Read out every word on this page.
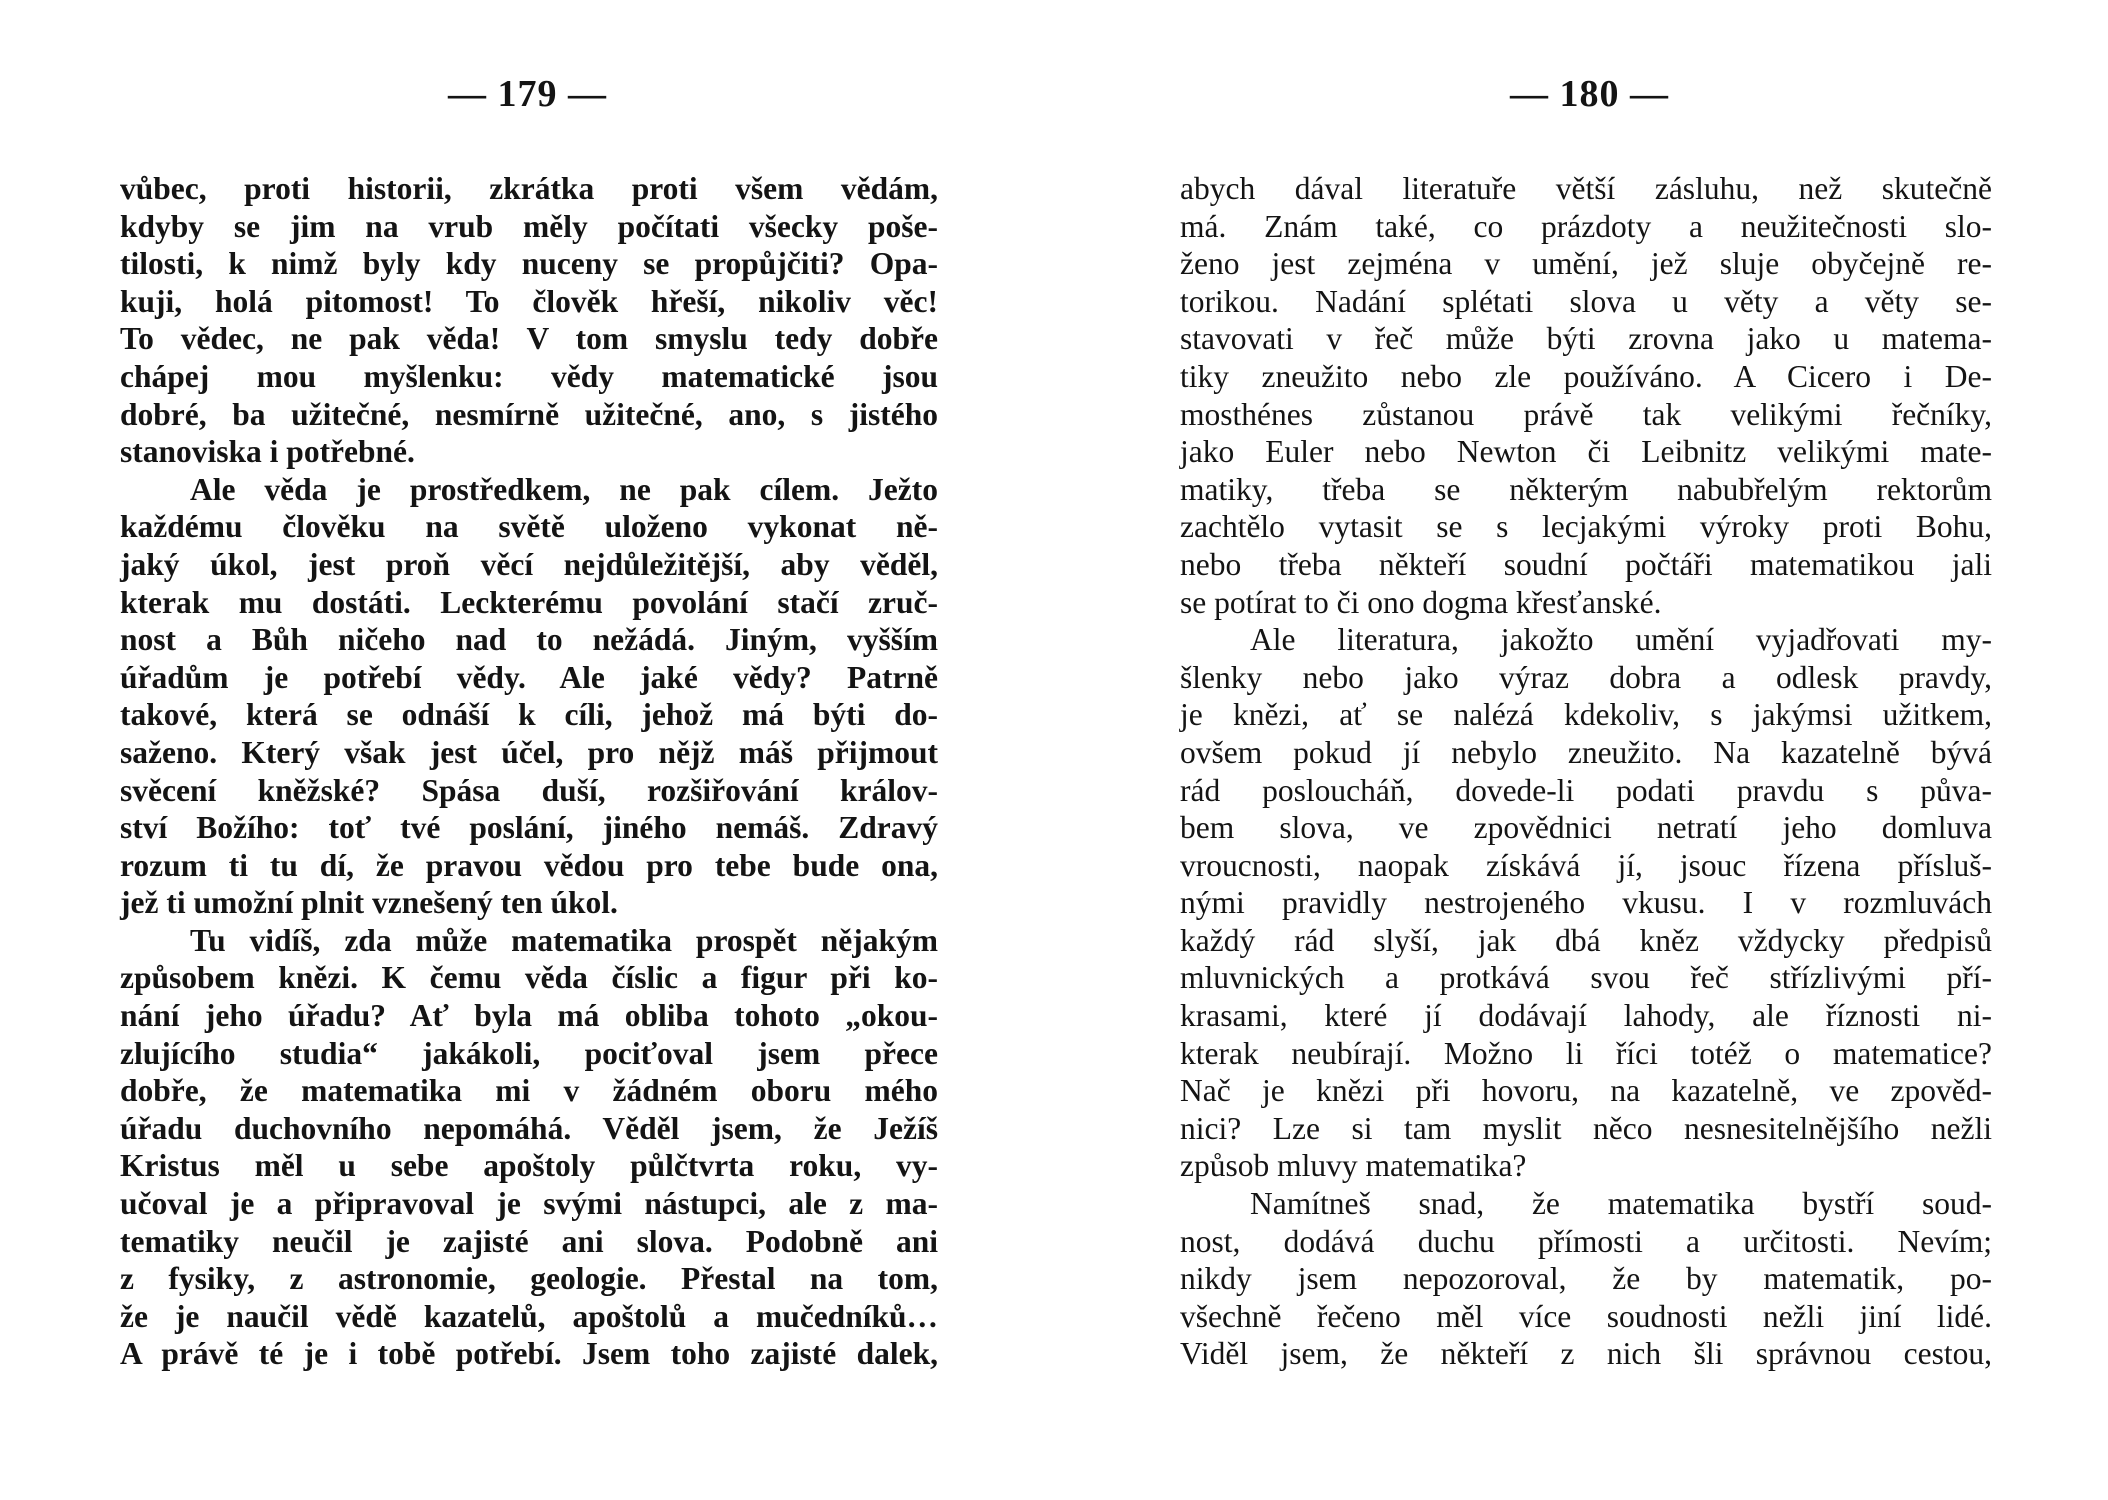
— 179 —
vůbec, proti historii, zkrátka proti všem vědám,
kdyby se jim na vrub měly počítati všecky poše-
tilosti, k nimž byly kdy nuceny se propůjčiti? Opa-
kuji, holá pitomost! To člověk hřeší, nikoliv věc!
To vědec, ne pak věda! V tom smyslu tedy dobře
chápej mou myšlenku: vědy matematické jsou
dobré, ba užitečné, nesmírně užitečné, ano, s jistého
stanoviska i potřebné.
Ale věda je prostředkem, ne pak cílem. Ježto
každému člověku na světě uloženo vykonat ně-
jaký úkol, jest proň věcí nejdůležitější, aby věděl,
kterak mu dostáti. Leckterému povolání stačí zruč-
nost a Bůh ničeho nad to nežádá. Jiným, vyšším
úřadům je potřebí vědy. Ale jaké vědy? Patrně
takové, která se odnáší k cíli, jehož má býti do-
saženo. Který však jest účel, pro nějž máš přijmout
svěcení kněžské? Spása duší, rozšiřování králov-
ství Božího: toť tvé poslání, jiného nemáš. Zdravý
rozum ti tu dí, že pravou vědou pro tebe bude ona,
jež ti umožní plnit vznešený ten úkol.
Tu vidíš, zda může matematika prospět nějakým
způsobem knězi. K čemu věda číslic a figur při ko-
nání jeho úřadu? Ať byla má obliba tohoto „okou-
zlujícího studia“ jakákoli, pociťoval jsem přece
dobře, že matematika mi v žádném oboru mého
úřadu duchovního nepomáhá. Věděl jsem, že Ježíš
Kristus měl u sebe apoštoly půlčtvrta roku, vy-
učoval je a připravoval je svými nástupci, ale z ma-
tematiky neučil je zajisté ani slova. Podobně ani
z fysiky, z astronomie, geologie. Přestal na tom,
že je naučil vědě kazatelů, apoštolů a mučedníků…
A právě té je i tobě potřebí. Jsem toho zajisté dalek,
— 180 —
abych dával literatuře větší zásluhu, než skutečně
má. Znám také, co prázdoty a neužitečnosti slo-
ženo jest zejména v umění, jež sluje obyčejně re-
torikou. Nadání splétati slova u věty a věty se-
stavovati v řeč může býti zrovna jako u matema-
tiky zneužito nebo zle používáno. A Cicero i De-
mosthénes zůstanou právě tak velikými řečníky,
jako Euler nebo Newton či Leibnitz velikými mate-
matiky, třeba se některým nabubřelým rektorům
zachtělo vytasit se s lecjakými výroky proti Bohu,
nebo třeba někteří soudní počtáři matematikou jali
se potírat to či ono dogma křesťanské.
Ale literatura, jakožto umění vyjadřovati my-
šlenky nebo jako výraz dobra a odlesk pravdy,
je knězi, ať se nalézá kdekoliv, s jakýmsi užitkem,
ovšem pokud jí nebylo zneužito. Na kazatelně bývá
rád posloucháň, dovede-li podati pravdu s půva-
bem slova, ve zpovědnici netratí jeho domluva
vroucnosti, naopak získává jí, jsouc řízena přísluš-
nými pravidly nestrojeného vkusu. I v rozmluvách
každý rád slyší, jak dbá kněz vždycky předpisů
mluvnických a protkává svou řeč střízlivými pří-
krasami, které jí dodávají lahody, ale říznosti ni-
kterak neubírají. Možno li říci totéž o matematice?
Nač je knězi při hovoru, na kazatelně, ve zpověd-
nici? Lze si tam myslit něco nesnesitelnějšího nežli
způsob mluvy matematika?
Namítneš snad, že matematika bystří soud-
nost, dodává duchu přímosti a určitosti. Nevím;
nikdy jsem nepozoroval, že by matematik, po-
všechně řečeno měl více soudnosti nežli jiní lidé.
Viděl jsem, že někteří z nich šli správnou cestou,
